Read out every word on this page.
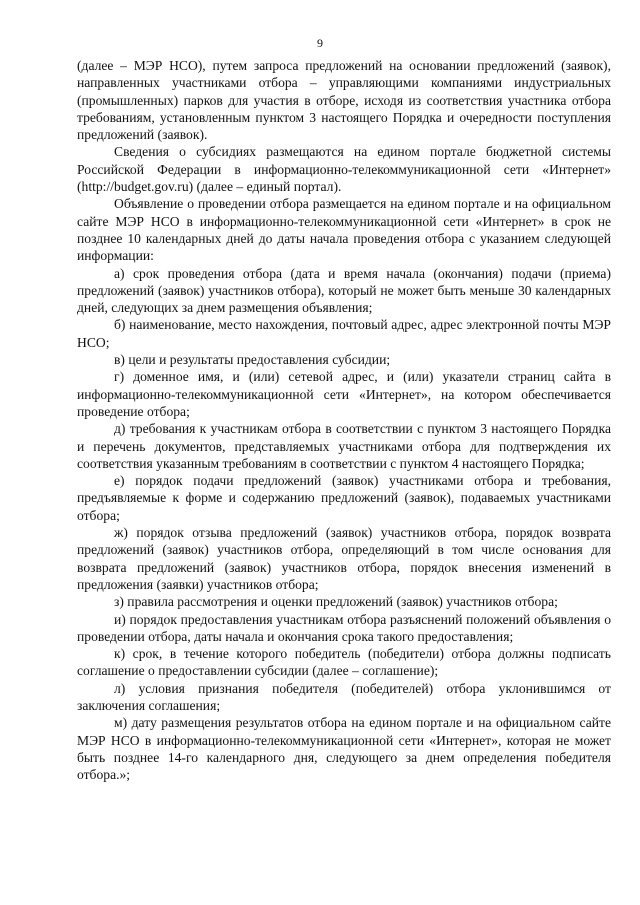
9

(далее – МЭР НСО), путем запроса предложений на основании предложений (заявок), направленных участниками отбора – управляющими компаниями индустриальных (промышленных) парков для участия в отборе, исходя из соответствия участника отбора требованиям, установленным пунктом 3 настоящего Порядка и очередности поступления предложений (заявок).

Сведения о субсидиях размещаются на едином портале бюджетной системы Российской Федерации в информационно-телекоммуникационной сети «Интернет» (http://budget.gov.ru) (далее – единый портал).

Объявление о проведении отбора размещается на едином портале и на официальном сайте МЭР НСО в информационно-телекоммуникационной сети «Интернет» в срок не позднее 10 календарных дней до даты начала проведения отбора с указанием следующей информации:

а) срок проведения отбора (дата и время начала (окончания) подачи (приема) предложений (заявок) участников отбора), который не может быть меньше 30 календарных дней, следующих за днем размещения объявления;

б) наименование, место нахождения, почтовый адрес, адрес электронной почты МЭР НСО;

в) цели и результаты предоставления субсидии;

г) доменное имя, и (или) сетевой адрес, и (или) указатели страниц сайта в информационно-телекоммуникационной сети «Интернет», на котором обеспечивается проведение отбора;

д) требования к участникам отбора в соответствии с пунктом 3 настоящего Порядка и перечень документов, представляемых участниками отбора для подтверждения их соответствия указанным требованиям в соответствии с пунктом 4 настоящего Порядка;

е) порядок подачи предложений (заявок) участниками отбора и требования, предъявляемые к форме и содержанию предложений (заявок), подаваемых участниками отбора;

ж) порядок отзыва предложений (заявок) участников отбора, порядок возврата предложений (заявок) участников отбора, определяющий в том числе основания для возврата предложений (заявок) участников отбора, порядок внесения изменений в предложения (заявки) участников отбора;

з) правила рассмотрения и оценки предложений (заявок) участников отбора;

и) порядок предоставления участникам отбора разъяснений положений объявления о проведении отбора, даты начала и окончания срока такого предоставления;

к) срок, в течение которого победитель (победители) отбора должны подписать соглашение о предоставлении субсидии (далее – соглашение);

л) условия признания победителя (победителей) отбора уклонившимся от заключения соглашения;

м) дату размещения результатов отбора на едином портале и на официальном сайте МЭР НСО в информационно-телекоммуникационной сети «Интернет», которая не может быть позднее 14-го календарного дня, следующего за днем определения победителя отбора.»;
